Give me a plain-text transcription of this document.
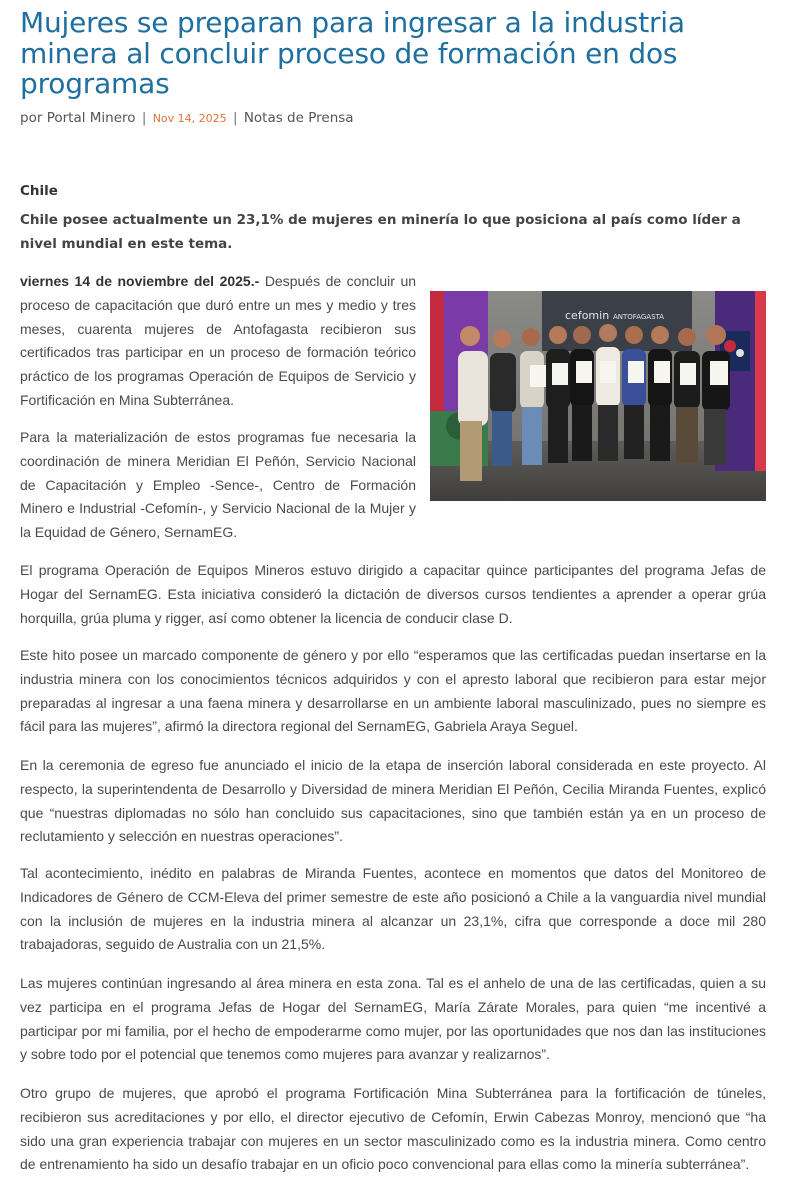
Mujeres se preparan para ingresar a la industria minera al concluir proceso de formación en dos programas
por Portal Minero | Nov 14, 2025 | Notas de Prensa
Chile
Chile posee actualmente un 23,1% de mujeres en minería lo que posiciona al país como líder a nivel mundial en este tema.

viernes 14 de noviembre del 2025.- Después de concluir un proceso de capacitación que duró entre un mes y medio y tres meses, cuarenta mujeres de Antofagasta recibieron sus certificados tras participar en un proceso de formación teórico práctico de los programas Operación de Equipos de Servicio y Fortificación en Mina Subterránea.

Para la materialización de estos programas fue necesaria la coordinación de minera Meridian El Peñón, Servicio Nacional de Capacitación y Empleo -Sence-, Centro de Formación Minero e Industrial -Cefomín-, y Servicio Nacional de la Mujer y la Equidad de Género, SernamEG.

cefomin ANTOFAGASTA

El programa Operación de Equipos Mineros estuvo dirigido a capacitar quince participantes del programa Jefas de Hogar del SernamEG. Esta iniciativa consideró la dictación de diversos cursos tendientes a aprender a operar grúa horquilla, grúa pluma y rigger, así como obtener la licencia de conducir clase D.

Este hito posee un marcado componente de género y por ello “esperamos que las certificadas puedan insertarse en la industria minera con los conocimientos técnicos adquiridos y con el apresto laboral que recibieron para estar mejor preparadas al ingresar a una faena minera y desarrollarse en un ambiente laboral masculinizado, pues no siempre es fácil para las mujeres”, afirmó la directora regional del SernamEG, Gabriela Araya Seguel.

En la ceremonia de egreso fue anunciado el inicio de la etapa de inserción laboral considerada en este proyecto. Al respecto, la superintendenta de Desarrollo y Diversidad de minera Meridian El Peñón, Cecilia Miranda Fuentes, explicó que “nuestras diplomadas no sólo han concluido sus capacitaciones, sino que también están ya en un proceso de reclutamiento y selección en nuestras operaciones”.

Tal acontecimiento, inédito en palabras de Miranda Fuentes, acontece en momentos que datos del Monitoreo de Indicadores de Género de CCM-Eleva del primer semestre de este año posicionó a Chile a la vanguardia nivel mundial con la inclusión de mujeres en la industria minera al alcanzar un 23,1%, cifra que corresponde a doce mil 280 trabajadoras, seguido de Australia con un 21,5%.

Las mujeres continúan ingresando al área minera en esta zona. Tal es el anhelo de una de las certificadas, quien a su vez participa en el programa Jefas de Hogar del SernamEG, María Zárate Morales, para quien “me incentivé a participar por mi familia, por el hecho de empoderarme como mujer, por las oportunidades que nos dan las instituciones y sobre todo por el potencial que tenemos como mujeres para avanzar y realizarnos”.

Otro grupo de mujeres, que aprobó el programa Fortificación Mina Subterránea para la fortificación de túneles, recibieron sus acreditaciones y por ello, el director ejecutivo de Cefomín, Erwin Cabezas Monroy, mencionó que “ha sido una gran experiencia trabajar con mujeres en un sector masculinizado como es la industria minera. Como centro de entrenamiento ha sido un desafío trabajar en un oficio poco convencional para ellas como la minería subterránea”.
